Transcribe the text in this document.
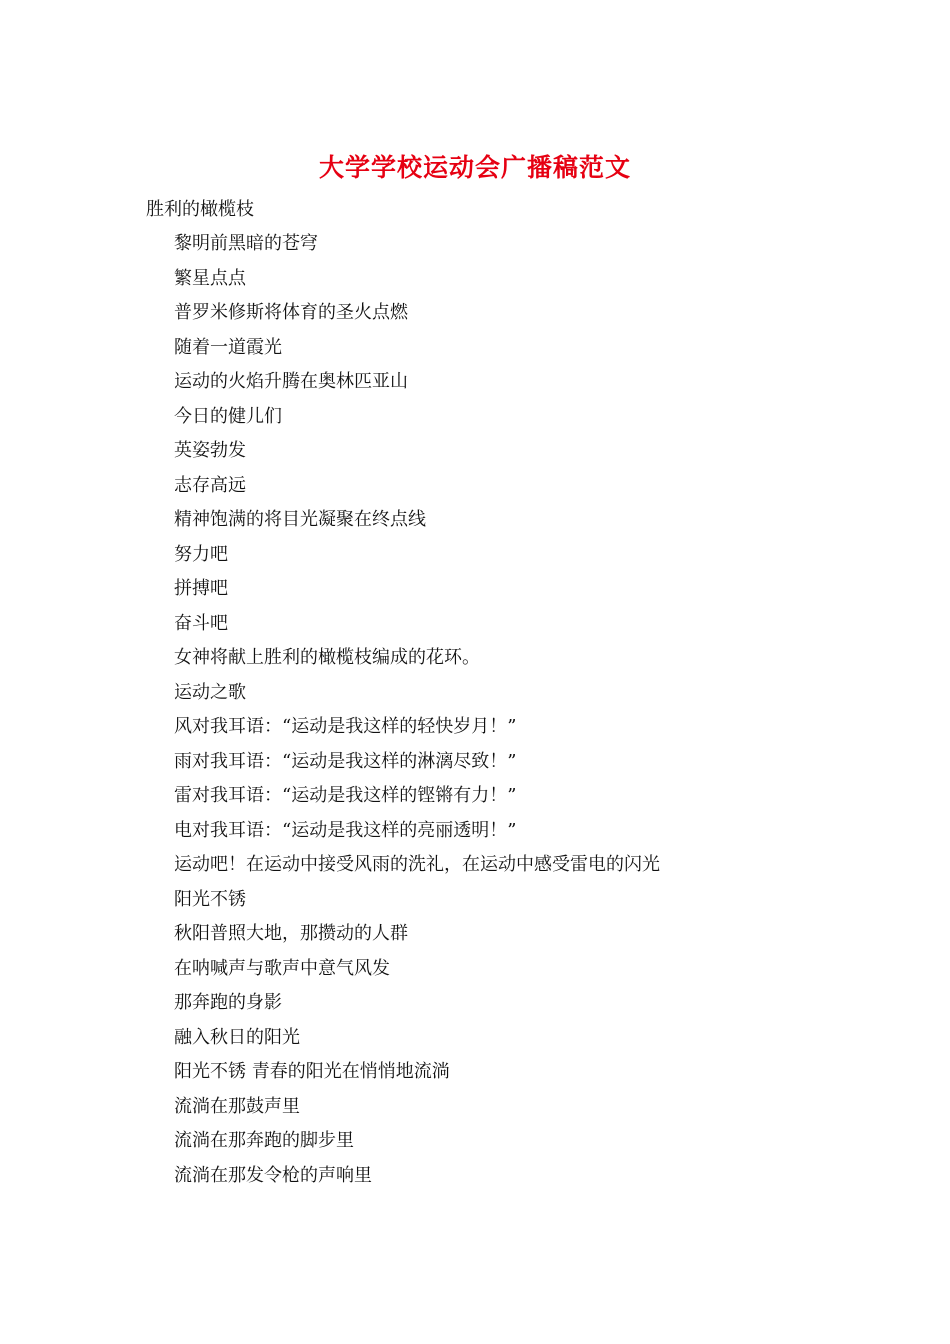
大学学校运动会广播稿范文
胜利的橄榄枝
黎明前黑暗的苍穹
繁星点点
普罗米修斯将体育的圣火点燃
随着一道霞光
运动的火焰升腾在奥林匹亚山
今日的健儿们
英姿勃发
志存高远
精神饱满的将目光凝聚在终点线
努力吧
拼搏吧
奋斗吧
女神将献上胜利的橄榄枝编成的花环。
运动之歌
风对我耳语：“运动是我这样的轻快岁月！”
雨对我耳语：“运动是我这样的淋漓尽致！”
雷对我耳语：“运动是我这样的铿锵有力！”
电对我耳语：“运动是我这样的亮丽透明！”
运动吧！在运动中接受风雨的洗礼，在运动中感受雷电的闪光
阳光不锈
秋阳普照大地，那攒动的人群
在呐喊声与歌声中意气风发
那奔跑的身影
融入秋日的阳光
阳光不锈 青春的阳光在悄悄地流淌
流淌在那鼓声里
流淌在那奔跑的脚步里
流淌在那发令枪的声响里
